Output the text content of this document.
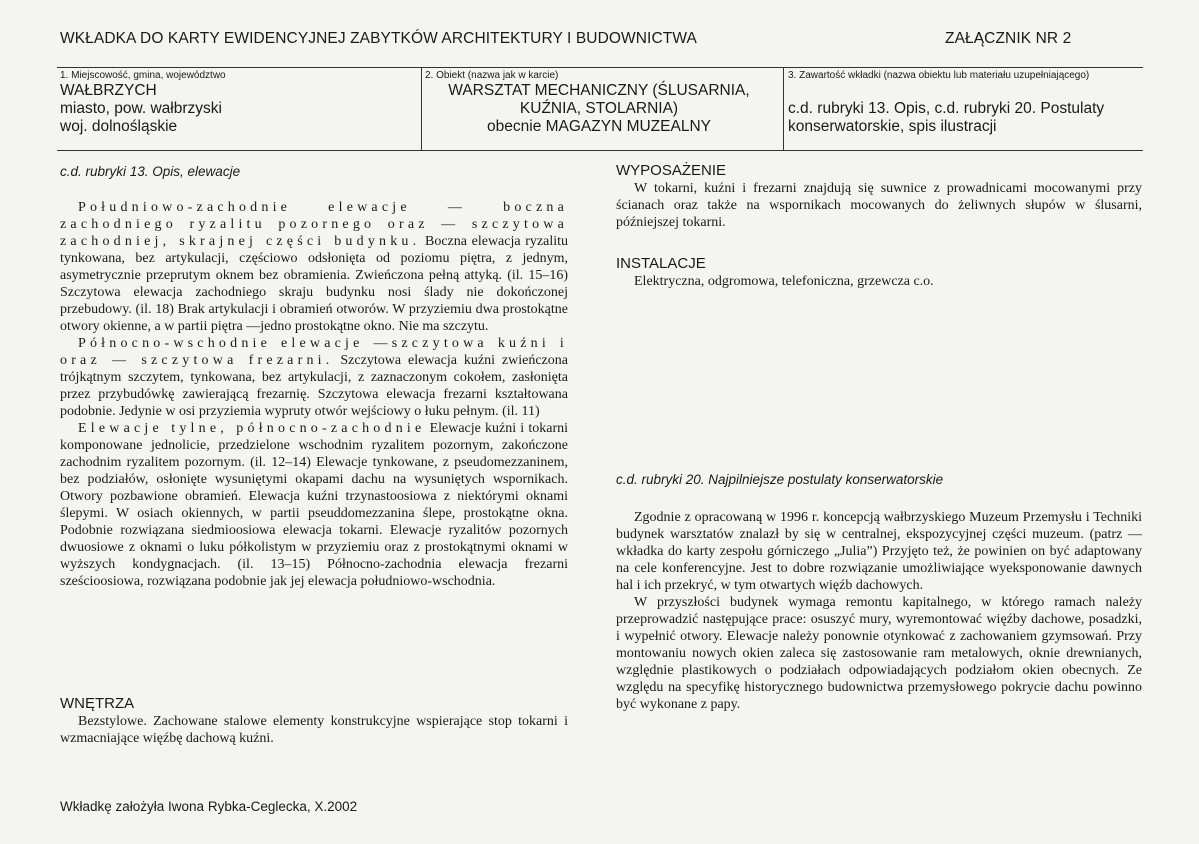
WKŁADKA DO KARTY EWIDENCYJNEJ ZABYTKÓW ARCHITEKTURY I BUDOWNICTWA	ZAŁĄCZNIK NR 2
1. Miejscowość, gmina, województwo
WAŁBRZYCH
miasto, pow. wałbrzyski
woj. dolnośląskie
2. Obiekt (nazwa jak w karcie)
WARSZTAT MECHANICZNY (ŚLUSARNIA,
KUŹNIA, STOLARNIA)
obecnie MAGAZYN MUZEALNY
3. Zawartość wkładki (nazwa obiektu lub materiału uzupełniającego)
c.d. rubryki 13. Opis, c.d. rubryki 20. Postulaty
konserwatorskie, spis ilustracji
c.d. rubryki 13. Opis, elewacje

Południowo-zachodnie elewacje — boczna zachodniego ryzalitu pozornego oraz — szczytowa zachodniej, skrajnej części budynku. Boczna elewacja ryzalitu tynkowana, bez artykulacji, częściowo odsłonięta od poziomu piętra, z jednym, asymetrycznie przeprutym oknem bez obramienia. Zwieńczona pełną attyką. (il. 15–16) Szczytowa elewacja zachodniego skraju budynku nosi ślady nie dokończonej przebudowy. (il. 18) Brak artykulacji i obramień otworów. W przyziemiu dwa prostokątne otwory okienne, a w partii piętra —jedno prostokątne okno. Nie ma szczytu.

Północno-wschodnie elewacje —szczytowa kuźni i oraz — szczytowa frezarni. Szczytowa elewacja kuźni zwieńczona trójkątnym szczytem, tynkowana, bez artykulacji, z zaznaczonym cokołem, zasłonięta przez przybudówkę zawierającą frezarnię. Szczytowa elewacja frezarni kształtowana podobnie. Jedynie w osi przyziemia wypruty otwór wejściowy o łuku pełnym. (il. 11)

Elewacje tylne, północno-zachodnie Elewacje kuźni i tokarni komponowane jednolicie, przedzielone wschodnim ryzalitem pozornym, zakończone zachodnim ryzalitem pozornym. (il. 12–14) Elewacje tynkowane, z pseudomezzaninem, bez podziałów, osłonięte wysuniętymi okapami dachu na wysuniętych wspornikach. Otwory pozbawione obramień. Elewacja kuźni trzynastoosiowa z niektórymi oknami ślepymi. W osiach okiennych, w partii pseuddomezzanina ślepe, prostokątne okna. Podobnie rozwiązana siedmioosiowa elewacja tokarni. Elewacje ryzalitów pozornych dwuosiowe z oknami o luku półkolistym w przyziemiu oraz z prostokątnymi oknami w wyższych kondygnacjach. (il. 13–15) Północno-zachodnia elewacja frezarni sześcioosiowa, rozwiązana podobnie jak jej elewacja południowo-wschodnia.

WNĘTRZA

Bezstylowe. Zachowane stalowe elementy konstrukcyjne wspierające stop tokarni i wzmacniające więźbę dachową kuźni.

WYPOSAŻENIE

W tokarni, kuźni i frezarni znajdują się suwnice z prowadnicami mocowanymi przy ścianach oraz także na wspornikach mocowanych do żeliwnych słupów w ślusarni, późniejszej tokarni.

INSTALACJE

Elektryczna, odgromowa, telefoniczna, grzewcza c.o.

c.d. rubryki 20. Najpilniejsze postulaty konserwatorskie

Zgodnie z opracowaną w 1996 r. koncepcją wałbrzyskiego Muzeum Przemysłu i Techniki budynek warsztatów znalazł by się w centralnej, ekspozycyjnej części muzeum. (patrz — wkładka do karty zespołu górniczego „Julia”) Przyjęto też, że powinien on być adaptowany na cele konferencyjne. Jest to dobre rozwiązanie umożliwiające wyeksponowanie dawnych hal i ich przekryć, w tym otwartych więźb dachowych.

W przyszłości budynek wymaga remontu kapitalnego, w którego ramach należy przeprowadzić następujące prace: osuszyć mury, wyremontować więźby dachowe, posadzki, i wypełnić otwory. Elewacje należy ponownie otynkować z zachowaniem gzymsowań. Przy montowaniu nowych okien zaleca się zastosowanie ram metalowych, oknie drewnianych, względnie plastikowych o podziałach odpowiadających podziałom okien obecnych. Ze względu na specyfikę historycznego budownictwa przemysłowego pokrycie dachu powinno być wykonane z papy.

Wkładkę założyła Iwona Rybka-Ceglecka, X.2002
